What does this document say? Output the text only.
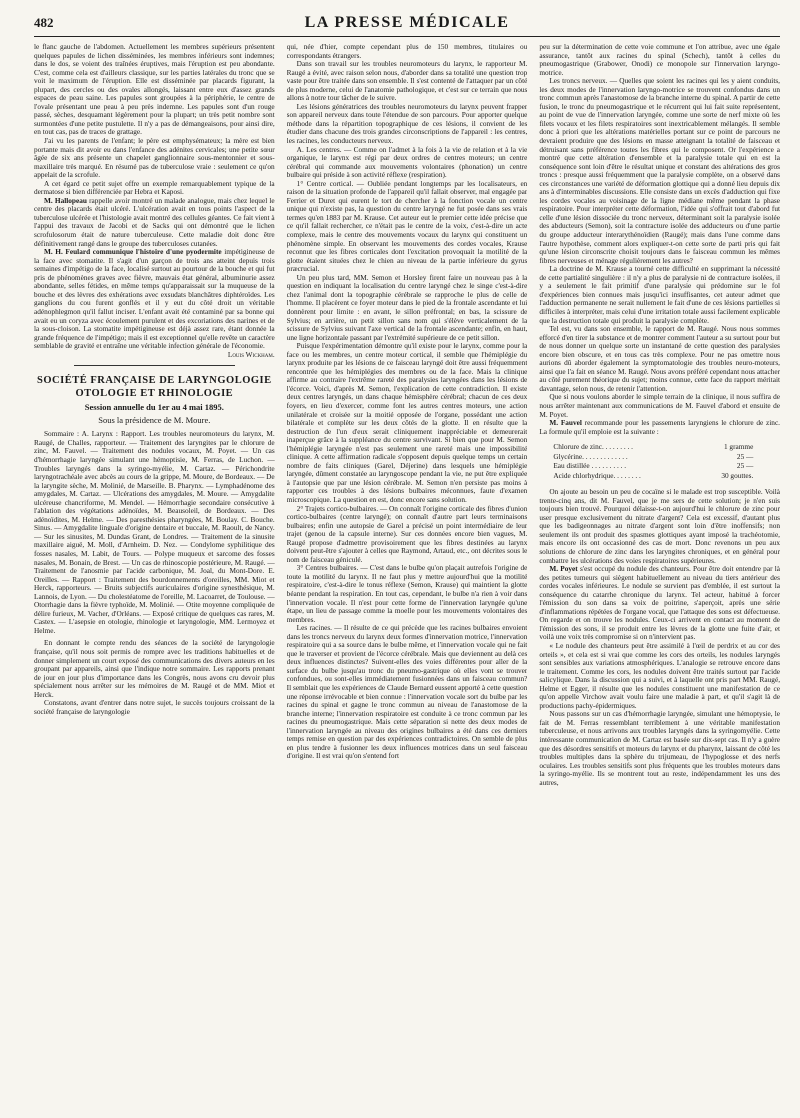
482	LA PRESSE MÉDICALE

le flanc gauche de l'abdomen. Actuellement les membres supérieurs présentent quelques papules de lichen disséminées, les membres inférieurs sont indemnes; dans le dos, se voient des traînées éruptives, mais l'éruption est peu abondante. C'est, comme cela est d'ailleurs classique, sur les parties latérales du tronc que se voit le maximum de l'éruption. Elle est disséminée par placards figurant, la plupart, des cercles ou des ovales allongés, laissant entre eux d'assez grands espaces de peau saine. Les papules sont groupées à la périphérie, le centre de l'ovale présentant une peau à peu près indemne. Les papules sont d'un rouge passé, sèches, desquamant légèrement pour la plupart; un très petit nombre sont surmontées d'une petite pustulette. Il n'y a pas de démangeaisons, pour ainsi dire, en tout cas, pas de traces de grattage.

J'ai vu les parents de l'enfant; le père est emphysémateux; la mère est bien portante mais dit avoir eu dans l'enfance des adénites cervicales; une petite sœur âgée de six ans présente un chapelet ganglionnaire sous-mentonnier et sous-maxillaire très marqué. En résumé pas de tuberculose vraie : seulement ce qu'on appelait de la scrofule.

A cet égard ce petit sujet offre un exemple remarquablement typique de la dermatose si bien différenciée par Hebra et Kaposi.

M. Hallopeau rappelle avoir montré un malade analogue, mais chez lequel le centre des placards était ulcéré. L'ulcération avait en tous points l'aspect de la tuberculose ulcérée et l'histologie avait montré des cellules géantes. Ce fait vient à l'appui des travaux de Jacobi et de Sacks qui ont démontré que le lichen scrofulosorum était de nature tuberculeuse. Cette maladie doit donc être définitivement rangé dans le groupe des tuberculoses cutanées.

M. H. Feulard communique l'histoire d'une pyodermite impétigineuse de la face avec stomatite. Il s'agit d'un garçon de trois ans atteint depuis trois semaines d'impétigo de la face, localisé surtout au pourtour de la bouche et qui fut pris de phénomènes graves avec fièvre, mauvais état général, albuminurie assez abondante, selles fétides, en même temps qu'apparaissait sur la muqueuse de la bouche et des lèvres des exhérations avec exsudats blanchâtres diphtéroïdes. Les ganglions du cou furent gonflés et il y eut du côté droit un véritable adénophlegmon qu'il fallut inciser. L'enfant avait été contaminé par sa bonne qui avait eu un coryza avec écoulement purulent et des excoriations des narines et de la sous-cloison. La stomatite impétigineuse est déjà assez rare, étant donnée la grande fréquence de l'impétigo; mais il est exceptionnel qu'elle revête un caractère semblable de gravité et entraîne une véritable infection générale de l'économie.

Louis Wickham.
SOCIÉTÉ FRANÇAISE DE LARYNGOLOGIE
OTOLOGIE ET RHINOLOGIE
Session annuelle du 1er au 4 mai 1895.
Sous la présidence de M. Moure.

Sommaire : A. Larynx : Rapport. Les troubles neuromoteurs du larynx, M. Raugé, de Challes, rapporteur. — Traitement des laryngites par le chlorure de zinc, M. Fauvel. — Traitement des nodules vocaux, M. Poyet. — Un cas d'hémorrhagie laryngée simulant une hémoptisie, M. Ferras, de Luchon. — Troubles laryngés dans la syringo-myélie, M. Cartaz. — Périchondrite laryngotrachéale avec abcès au cours de la grippe, M. Moure, de Bordeaux. — De la laryngite sèche, M. Molinié, de Marseille. B. Pharynx. — Lymphadénome des amygdales, M. Cartaz. — Ulcérations des amygdales, M. Moure. — Amygdalite ulcéreuse chancriforme, M. Mendel. — Hémorrhagie secondaire consécutive à l'ablation des végétations adénoïdes, M. Beausoleil, de Bordeaux. — Des adénoïdites, M. Helme. — Des paresthésies pharyngées, M. Boulay. C. Bouche. Sinus. — Amygdalite linguale d'origine dentaire et buccale, M. Raoult, de Nancy. — Sur les sinusites, M. Dundas Grant, de Londres. — Traitement de la sinusite maxillaire aiguë, M. Moll, d'Arnheim. D. Nez. — Condylome syphilitique des fosses nasales, M. Labit, de Tours. — Polype muqueux et sarcome des fosses nasales, M. Bonain, de Brest. — Un cas de rhinoscopie postérieure, M. Raugé. — Traitement de l'anosmie par l'acide carbonique, M. Joal, du Mont-Dore. E. Oreilles. — Rapport : Traitement des bourdonnements d'oreilles, MM. Miot et Herck, rapporteurs. — Bruits subjectifs auriculaires d'origine synesthésique, M. Lannois, de Lyon. — Du cholestéatome de l'oreille, M. Lacoarret, de Toulouse. — Otorrhagie dans la fièvre typhoïde, M. Molinié. — Otite moyenne compliquée de délire furieux, M. Vacher, d'Orléans. — Exposé critique de quelques cas rares, M. Castex. — L'asepsie en otologie, rhinologie et laryngologie, MM. Lermoyez et Helme.

En donnant le compte rendu des séances de la société de laryngologie française, qu'il nous soit permis de rompre avec les traditions habituelles et de donner simplement un court exposé des communications des divers auteurs en les groupant par appareils, ainsi que l'indique notre sommaire. Les rapports prenant de jour en jour plus d'importance dans les Congrès, nous avons cru devoir plus spécialement nous arrêter sur les mémoires de M. Raugé et de MM. Miot et Herck.

Constatons, avant d'entrer dans notre sujet, le succès toujours croissant de la société française de laryngologie

qui, née d'hier, compte cependant plus de 150 membres, titulaires ou correspondants étrangers.

Dans son travail sur les troubles neuromoteurs du larynx, le rapporteur M. Raugé a évité, avec raison selon nous, d'aborder dans sa totalité une question trop vaste pour être traitée dans son ensemble. Il s'est contenté de l'attaquer par un côté de plus moderne, celui de l'anatomie pathologique, et c'est sur ce terrain que nous allons à notre tour tâcher de le suivre.

Les lésions génératrices des troubles neuromoteurs du larynx peuvent frapper son appareil nerveux dans toute l'étendue de son parcours. Pour apporter quelque méthode dans la répartition topographique de ces lésions, il convient de les étudier dans chacune des trois grandes circonscriptions de l'appareil : les centres, les racines, les conducteurs nerveux.

A. Les centres. — Comme on l'admet à la fois à la vie de relation et à la vie organique, le larynx est régi par deux ordres de centres moteurs; un centre cérébral qui commande aux mouvements volontaires (phonation) un centre bulbaire qui préside à son activité réflexe (respiration).

1° Centre cortical. — Oubliée pendant longtemps par les localisateurs, en raison de la situation profonde de l'appareil qu'il fallait observer, mal engagée par Ferrier et Duret qui eurent le tort de chercher à la fonction vocale un centre unique qui n'existe pas, la question du centre laryngé ne fut posée dans ses vrais termes qu'en 1883 par M. Krause. Cet auteur eut le premier cette idée précise que ce qu'il fallait rechercher, ce n'était pas le centre de la voix, c'est-à-dire un acte complexe, mais le centre des mouvements vocaux du larynx qui constituent un phénomène simple. En observant les mouvements des cordes vocales, Krause reconnut que les fibres corticales dont l'excitation provoquait la motilité de la glotte étaient situées chez le chien au niveau de la partie inférieure du gyrus præcrucial.

Un peu plus tard, MM. Semon et Horsley firent faire un nouveau pas à la question en indiquant la localisation du centre laryngé chez le singe c'est-à-dire chez l'animal dont la topographie cérébrale se rapproche le plus de celle de l'homme. Il placèrent ce foyer moteur dans le pied de la frontale ascendante et lui donnèrent pour limite : en avant, le sillon préfrontal; en bas, la scissure de Sylvius; en arrière, un petit sillon sans nom qui s'élève verticalement de la scissure de Sylvius suivant l'axe vertical de la frontale ascendante; enfin, en haut, une ligne horizontale passant par l'extrémité supérieure de ce petit sillon.

Puisque l'expérimentation démontre qu'il existe pour le larynx, comme pour la face ou les membres, un centre moteur cortical, il semble que l'hémiplégie du larynx produite par les lésions de ce faisceau laryngé doit être aussi fréquemment rencontrée que les hémiplégies des membres ou de la face. Mais la clinique affirme au contraire l'extrême rareté des paralysies laryngées dans les lésions de l'écorce. Voici, d'après M. Semon, l'explication de cette contradiction. Il existe deux centres laryngés, un dans chaque hémisphère cérébral; chacun de ces deux foyers, en lieu d'exercer, comme font les autres centres moteurs, une action unilatérale et croisée sur la moitié opposée de l'organe, possédant une action bilatérale et complète sur les deux côtés de la glotte. Il en résulte que la destruction de l'un d'eux serait cliniquement inappréciable et demeurerait inaperçue grâce à la suppléance du centre survivant. Si bien que pour M. Semon l'hémiplégie laryngée n'est pas seulement une rareté mais une impossibilité clinique. A cette affirmation radicale s'opposent depuis quelque temps un certain nombre de faits cliniques (Garel, Déjerine) dans lesquels une hémiplégie laryngée, dûment constatée au laryngoscope pendant la vie, ne put être expliquée à l'autopsie que par une lésion cérébrale. M. Semon n'en persiste pas moins à rapporter ces troubles à des lésions bulbaires méconnues, faute d'examen microscopique. La question en est, donc encore sans solution.

2° Trajets cortico-bulbaires. — On connaît l'origine corticale des fibres d'union cortico-bulbaires (centre laryngé); on connaît d'autre part leurs terminaisons bulbaires; enfin une autopsie de Garel a précisé un point intermédiaire de leur trajet (genou de la capsule interne). Sur ces données encore bien vagues, M. Raugé propose d'admettre provisoirement que les fibres destinées au larynx doivent peut-être s'ajouter à celles que Raymond, Artaud, etc., ont décrites sous le nom de faisceau géniculé.

3° Centres bulbaires. — C'est dans le bulbe qu'on plaçait autrefois l'origine de toute la motilité du larynx. Il ne faut plus y mettre aujourd'hui que la motilité respiratoire, c'est-à-dire le tonus réflexe (Semon, Krause) qui maintient la glotte béante pendant la respiration. En tout cas, cependant, le bulbe n'a rien à voir dans l'innervation vocale. Il n'est pour cette forme de l'innervation laryngée qu'une étape, un lieu de passage comme la moelle pour les mouvements volontaires des membres.

Les racines. — Il résulte de ce qui précède que les racines bulbaires envoient dans les troncs nerveux du larynx deux formes d'innervation motrice, l'innervation respiratoire qui a sa source dans le bulbe même, et l'innervation vocale qui ne fait que le traverser et provient de l'écorce cérébrale. Mais que deviennent au delà ces deux influences distinctes? Suivent-elles des voies différentes pour aller de la surface du bulbe jusqu'au tronc du pneumo-gastrique où elles vont se trouver confondues, ou sont-elles immédiatement fusionnées dans un faisceau commun? Il semblait que les expériences de Claude Bernard eussent apporté à cette question une réponse irrévocable et bien connue : l'innervation vocale sort du bulbe par les racines du spinal et gagne le tronc commun au niveau de l'anastomose de la branche interne; l'innervation respiratoire est conduite à ce tronc commun par les racines du pneumogastrique. Mais cette séparation si nette des deux modes de l'innervation laryngée au niveau des origines bulbaires a été dans ces derniers temps remise en question par des expériences contradictoires. On semble de plus en plus tendre à fusionner les deux influences motrices dans un seul faisceau d'origine. Il est vrai qu'on s'entend fort

peu sur la détermination de cette voie commune et l'on attribue, avec une égale assurance, tantôt aux racines du spinal (Schech), tantôt à celles du pneumogastrique (Grabower, Onodi) ce monopole sur l'innervation laryngo-motrice.

Les troncs nerveux. — Quelles que soient les racines qui les y aient conduits, les deux modes de l'innervation laryngo-motrice se trouvent confondus dans un tronc commun après l'anastomose de la branche interne du spinal. A partir de cette fusion, le tronc du pneumogastrique et le récurrent qui lui fait suite représentent, au point de vue de l'innervation laryngée, comme une sorte de nerf mixte où les filets vocaux et les filets respiratoires sont inextricablement mélangés. Il semble donc à priori que les altérations matérielles portant sur ce point de parcours ne devraient produire que des lésions en masse atteignant la totalité de faisceau et détruisant sans préférence toutes les fibres qui le composent. Or l'expérience a montré que cette altération d'ensemble et la paralysie totale qui en est la conséquence sont loin d'être le résultat unique et constant des altérations des gros troncs : presque aussi fréquemment que la paralysie complète, on a observé dans ces circonstances une variété de déformation glottique qui a donné lieu depuis dix ans à d'interminables discussions. Elle consiste dans un excès d'adduction qui fixe les cordes vocales au voisinage de la ligne médiane même pendant la phase respiratoire. Pour interpréter cette déformation, l'idée qui s'offrait tout d'abord fut celle d'une lésion dissociée du tronc nerveux, déterminant soit la paralysie isolée des abducteurs (Semon), soit la contracture isolée des adducteurs ou d'une partie du groupe adducteur interarythénoïdien (Raugé); mais dans l'une comme dans l'autre hypothèse, comment alors expliquer-t-on cette sorte de parti pris qui fait qu'une lésion circonscrite choisit toujours dans le faisceau commun les mêmes fibres nerveuses et ménage régulièrement les autres?

La doctrine de M. Krause a tourné cette difficulté en supprimant la nécessité de cette partialité singulière : il n'y a plus de paralysie ni de contracture isolées, il y a seulement le fait primitif d'une paralysie qui prédomine sur le fol d'expériences bien connues mais jusqu'ici insuffisantes, cet auteur admet que l'adduction permanente ne serait nullement le fait d'une de ces lésions partielles si difficiles à interpréter, mais celui d'une irritation totale aussi facilement explicable que la destruction totale qui produit la paralysie complète.

Tel est, vu dans son ensemble, le rapport de M. Raugé. Nous nous sommes efforcé d'en tirer la substance et de montrer comment l'auteur a su surtout pour but de nous donner un quelque sorte un instantané de cette question des paralysies encore bien obscure, et en tous cas très complexe. Pour ne pas omettre nous aurions dû aborder également la symptomatologie des troubles neuro-moteurs, ainsi que l'a fait en séance M. Raugé. Nous avons préféré cependant nous attacher au côté purement théorique du sujet; moins connue, cette face du rapport méritait davantage, selon nous, de retenir l'attention.

Que si nous voulons aborder le simple terrain de la clinique, il nous suffira de nous arrêter maintenant aux communications de M. Fauvel d'abord et ensuite de M. Poyet.

M. Fauvel recommande pour les passements laryngiens le chlorure de zinc. La formule qu'il emploie est la suivante :

Chlorure de zinc. . . . . . . . .	1 gramme
Glycérine. . . . . . . . . . . . .	25 —
Eau distillée . . . . . . . . . .	25 —
Acide chlorhydrique. . . . . . . .	30 gouttes.

On ajoute au besoin un peu de cocaïne si le malade est trop susceptible. Voilà trente-cinq ans, dit M. Fauvel, que je me sers de cette solution; je n'en suis toujours bien trouvé. Pourquoi délaisse-t-on aujourd'hui le chlorure de zinc pour user presque exclusivement du nitrate d'argent? Cela est excessif, d'autant plus que les badigeonnages au nitrate d'argent sont loin d'être inoffensifs; non seulement ils ont produit des spasmes glottiques ayant imposé la trachéotomie, mais encore ils ont occasionné des cas de mort. Donc revenons un peu aux solutions de chlorure de zinc dans les laryngites chroniques, et en général pour combattre les ulcérations des voies respiratoires supérieures.

M. Poyet s'est occupé du nodule des chanteurs. Pour être doit entendre par là des petites tumeurs qui siègent habituellement au niveau du tiers antérieur des cordes vocales inférieures. Le nodule se survient pas d'emblée, il est surtout la conséquence du catarrhe chronique du larynx. Tel acteur, habitué à forcer l'émission du son dans sa voix de poitrine, s'aperçoit, après une série d'inflammations répétées de l'organe vocal, que l'attaque des sons est défectueuse. On regarde et on trouve les nodules. Ceux-ci arrivent en contact au moment de l'émission des sons, il se produit entre les lèvres de la glotte une fuite d'air, et voilà une voix très compromise si on n'intervient pas.

« Le nodule des chanteurs peut être assimilé à l'œil de perdrix et au cor des orteils », et cela est si vrai que comme les cors des orteils, les nodules laryngés sont sensibles aux variations atmosphériques. L'analogie se retrouve encore dans le traitement. Comme les cors, les nodules doivent être traités surtout par l'acide salicylique. Dans la discussion qui a suivi, et à laquelle ont pris part MM. Raugé, Helme et Egger, il résulte que les nodules constituent une manifestation de ce qu'on appelle Virchow avait voulu faire une maladie à part, et qu'il s'agit là de productions pachy-épidermiques.

Nous passons sur un cas d'hémorrhagie laryngée, simulant une hémoptysie, le fait de M. Ferras ressemblant terriblement à une véritable manifestation tuberculeuse, et nous arrivons aux troubles laryngés dans la syringomyélie. Cette intéressante communication de M. Cartaz est basée sur dix-sept cas. Il n'y a guère que des désordres sensitifs et moteurs du larynx et du pharynx, laissant de côté les troubles multiples dans la sphère du trijumeau, de l'hypoglosse et des nerfs oculaires. Les troubles sensitifs sont plus fréquents que les troubles moteurs dans la syringo-myélie. Ils se montrent tout au reste, indépendamment les uns des autres,
